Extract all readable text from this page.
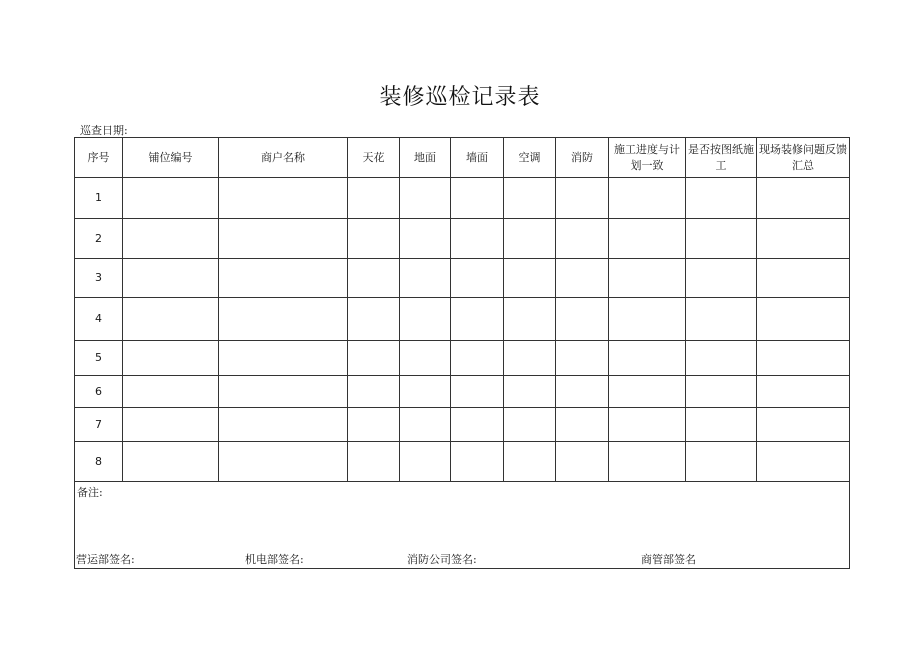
装修巡检记录表
巡查日期:
序号	铺位编号	商户名称	天花	地面	墙面	空调	消防	施工进度与计划一致	是否按图纸施工	现场装修问题反馈汇总
1										
2										
3										
4										
5										
6										
7										
8										

备注:
营运部签名: 机电部签名: 消防公司签名: 商管部签名										
